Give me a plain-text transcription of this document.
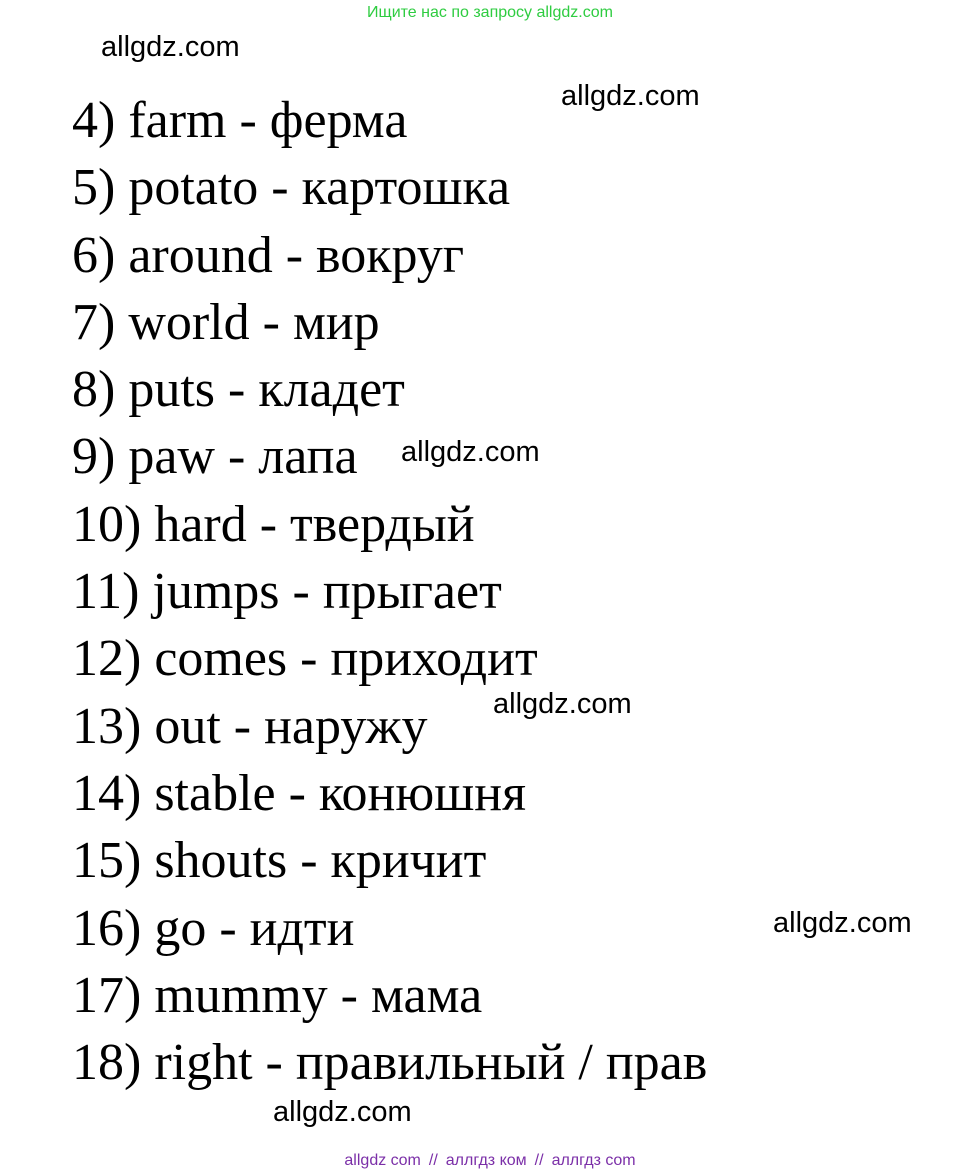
Ищите нас по запросу allgdz.com
allgdz.com
allgdz.com
allgdz.com
allgdz.com
allgdz.com
allgdz.com
4) farm - ферма
5) potato - картошка
6) around - вокруг
7) world - мир
8) puts - кладет
9) paw - лапа
10) hard - твердый
11) jumps - прыгает
12) comes - приходит
13) out - наружу
14) stable - конюшня
15) shouts - кричит
16) go - идти
17) mummy - мама
18) right - правильный / прав
allgdz com // аллгдз ком // аллгдз com
